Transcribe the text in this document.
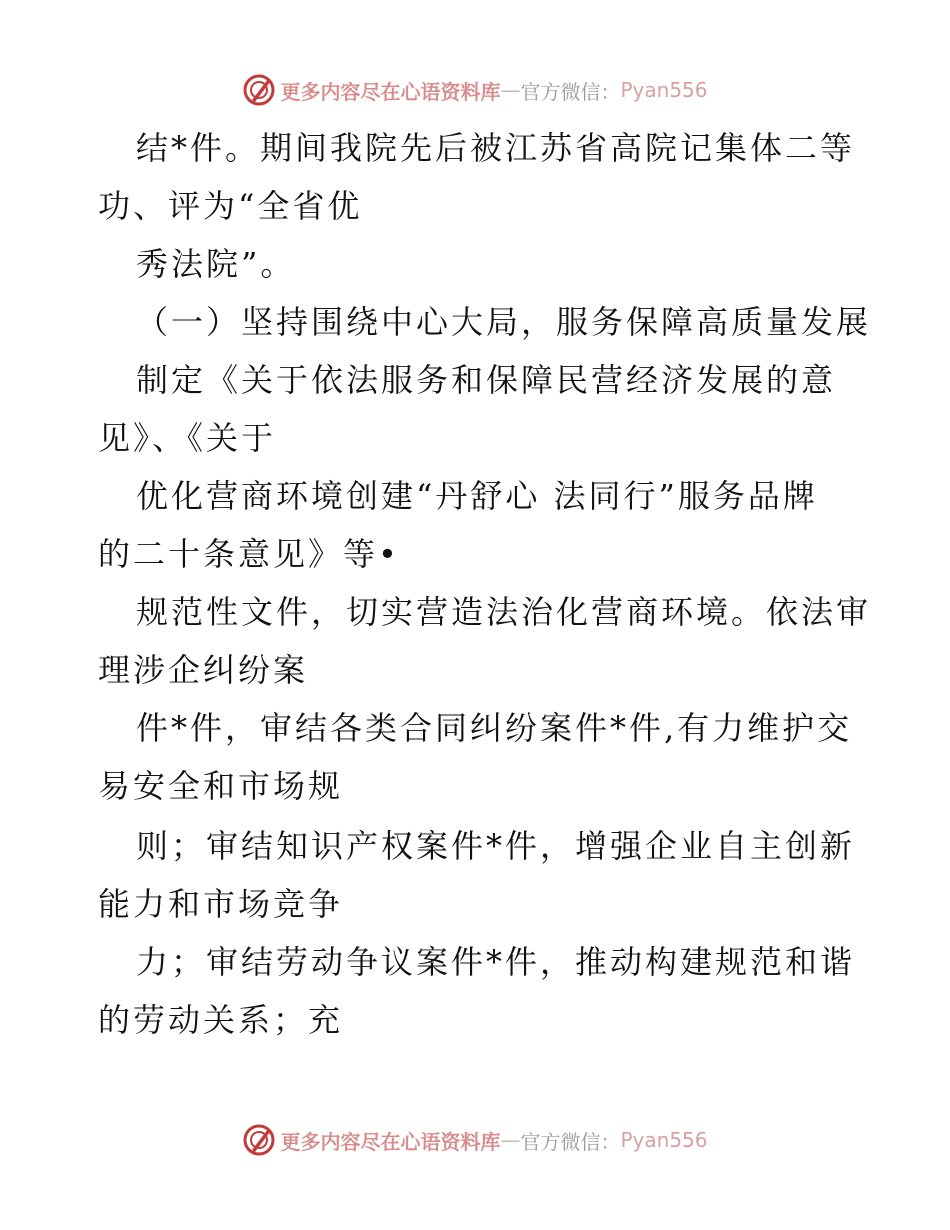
更多内容尽在心语资料库 — 官方微信： Pyan556
结*件。期间我院先后被江苏省高院记集体二等
功、评为“全省优
秀法院”。
（一）坚持围绕中心大局，服务保障高质量发展
制定《关于依法服务和保障民营经济发展的意
见》、《关于
优化营商环境创建“丹舒心 法同行”服务品牌
的二十条意见》等•
规范性文件，切实营造法治化营商环境。依法审
理涉企纠纷案
件*件，审结各类合同纠纷案件*件,有力维护交
易安全和市场规
则；审结知识产权案件*件，增强企业自主创新
能力和市场竞争
力；审结劳动争议案件*件，推动构建规范和谐
的劳动关系；充
更多内容尽在心语资料库 — 官方微信： Pyan556
